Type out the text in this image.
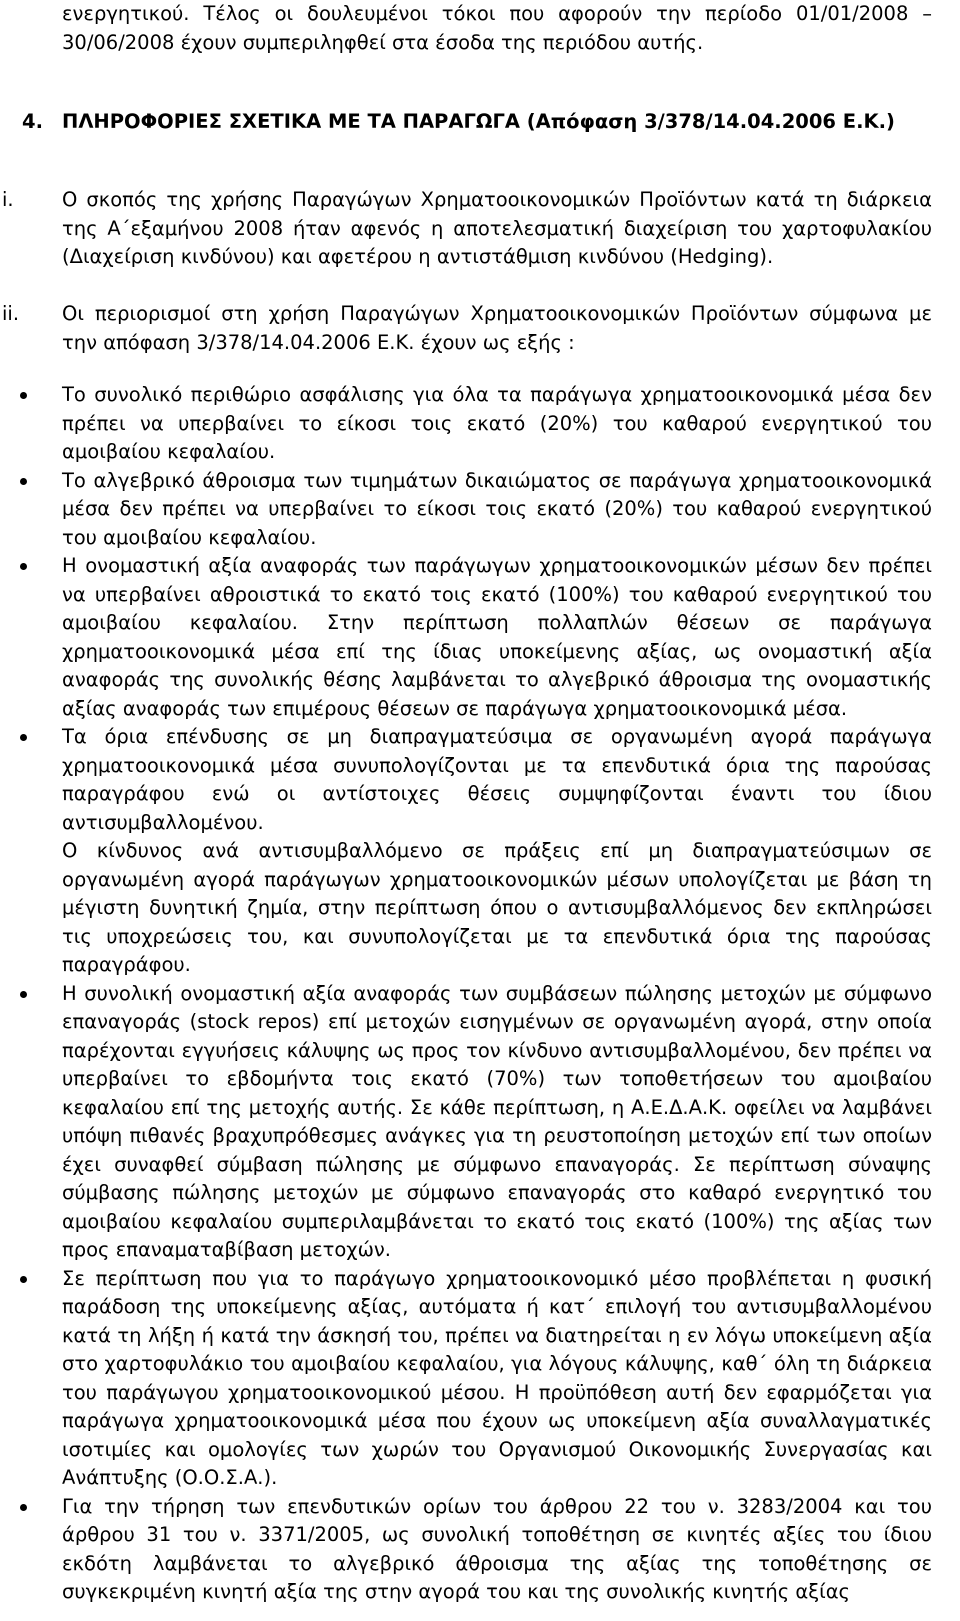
ενεργητικού. Τέλος οι δουλευμένοι τόκοι που αφορούν την περίοδο 01/01/2008 – 30/06/2008 έχουν συμπεριληφθεί στα έσοδα της περιόδου αυτής.
4. ΠΛΗΡΟΦΟΡΙΕΣ ΣΧΕΤΙΚΑ ΜΕ ΤΑ ΠΑΡΑΓΩΓΑ (Απόφαση 3/378/14.04.2006 Ε.Κ.)
i. Ο σκοπός της χρήσης Παραγώγων Χρηματοοικονομικών Προϊόντων κατά τη διάρκεια της Α΄εξαμήνου 2008 ήταν αφενός η αποτελεσματική διαχείριση του χαρτοφυλακίου (Διαχείριση κινδύνου) και αφετέρου η αντιστάθμιση κινδύνου (Hedging).
ii. Οι περιορισμοί στη χρήση Παραγώγων Χρηματοοικονομικών Προϊόντων σύμφωνα με την απόφαση 3/378/14.04.2006 Ε.Κ. έχουν ως εξής :

Το συνολικό περιθώριο ασφάλισης για όλα τα παράγωγα χρηματοοικονομικά μέσα δεν πρέπει να υπερβαίνει το είκοσι τοις εκατό (20%) του καθαρού ενεργητικού του αμοιβαίου κεφαλαίου.

Το αλγεβρικό άθροισμα των τιμημάτων δικαιώματος σε παράγωγα χρηματοοικονομικά μέσα δεν πρέπει να υπερβαίνει το είκοσι τοις εκατό (20%) του καθαρού ενεργητικού του αμοιβαίου κεφαλαίου.

Η ονομαστική αξία αναφοράς των παράγωγων χρηματοοικονομικών μέσων δεν πρέπει να υπερβαίνει αθροιστικά το εκατό τοις εκατό (100%) του καθαρού ενεργητικού του αμοιβαίου κεφαλαίου. Στην περίπτωση πολλαπλών θέσεων σε παράγωγα χρηματοοικονομικά μέσα επί της ίδιας υποκείμενης αξίας, ως ονομαστική αξία αναφοράς της συνολικής θέσης λαμβάνεται το αλγεβρικό άθροισμα της ονομαστικής αξίας αναφοράς των επιμέρους θέσεων σε παράγωγα χρηματοοικονομικά μέσα.

Τα όρια επένδυσης σε μη διαπραγματεύσιμα σε οργανωμένη αγορά παράγωγα χρηματοοικονομικά μέσα συνυπολογίζονται με τα επενδυτικά όρια της παρούσας παραγράφου ενώ οι αντίστοιχες θέσεις συμψηφίζονται έναντι του ίδιου αντισυμβαλλομένου.

Ο κίνδυνος ανά αντισυμβαλλόμενο σε πράξεις επί μη διαπραγματεύσιμων σε οργανωμένη αγορά παράγωγων χρηματοοικονομικών μέσων υπολογίζεται με βάση τη μέγιστη δυνητική ζημία, στην περίπτωση όπου ο αντισυμβαλλόμενος δεν εκπληρώσει τις υποχρεώσεις του, και συνυπολογίζεται με τα επενδυτικά όρια της παρούσας παραγράφου.

Η συνολική ονομαστική αξία αναφοράς των συμβάσεων πώλησης μετοχών με σύμφωνο επαναγοράς (stock repos) επί μετοχών εισηγμένων σε οργανωμένη αγορά, στην οποία παρέχονται εγγυήσεις κάλυψης ως προς τον κίνδυνο αντισυμβαλλομένου, δεν πρέπει να υπερβαίνει το εβδομήντα τοις εκατό (70%) των τοποθετήσεων του αμοιβαίου κεφαλαίου επί της μετοχής αυτής. Σε κάθε περίπτωση, η Α.Ε.Δ.Α.Κ. οφείλει να λαμβάνει υπόψη πιθανές βραχυπρόθεσμες ανάγκες για τη ρευστοποίηση μετοχών επί των οποίων έχει συναφθεί σύμβαση πώλησης με σύμφωνο επαναγοράς. Σε περίπτωση σύναψης σύμβασης πώλησης μετοχών με σύμφωνο επαναγοράς στο καθαρό ενεργητικό του αμοιβαίου κεφαλαίου συμπεριλαμβάνεται το εκατό τοις εκατό (100%) της αξίας των προς επαναματαβίβαση μετοχών.

Σε περίπτωση που για το παράγωγο χρηματοοικονομικό μέσο προβλέπεται η φυσική παράδοση της υποκείμενης αξίας, αυτόματα ή κατ΄ επιλογή του αντισυμβαλλομένου κατά τη λήξη ή κατά την άσκησή του, πρέπει να διατηρείται η εν λόγω υποκείμενη αξία στο χαρτοφυλάκιο του αμοιβαίου κεφαλαίου, για λόγους κάλυψης, καθ΄ όλη τη διάρκεια του παράγωγου χρηματοοικονομικού μέσου. Η προϋπόθεση αυτή δεν εφαρμόζεται για παράγωγα χρηματοοικονομικά μέσα που έχουν ως υποκείμενη αξία συναλλαγματικές ισοτιμίες και ομολογίες των χωρών του Οργανισμού Οικονομικής Συνεργασίας και Ανάπτυξης (Ο.Ο.Σ.Α.).

Για την τήρηση των επενδυτικών ορίων του άρθρου 22 του ν. 3283/2004 και του άρθρου 31 του ν. 3371/2005, ως συνολική τοποθέτηση σε κινητές αξίες του ίδιου εκδότη λαμβάνεται το αλγεβρικό άθροισμα της αξίας της τοποθέτησης σε συγκεκριμένη κινητή αξία της στην αγορά του και της συνολικής κινητής αξίας
